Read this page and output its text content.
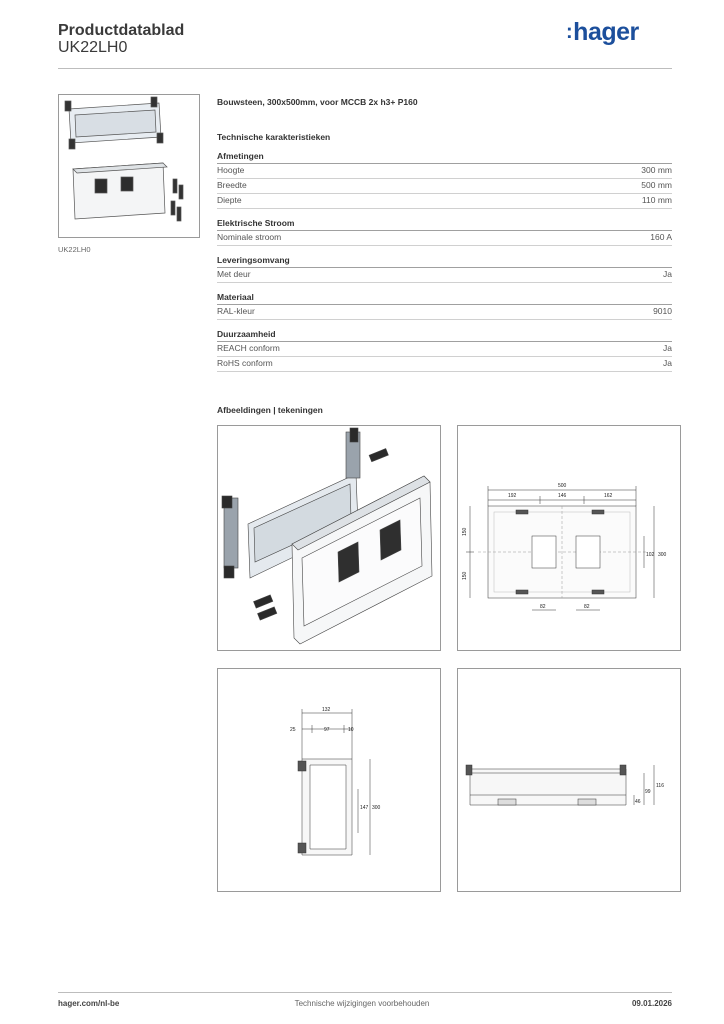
Productdatablad
UK22LH0
:hager
UK22LH0
Bouwsteen, 300x500mm, voor MCCB 2x h3+ P160
Technische karakteristieken
Afmetingen
Hoogte	300 mm
Breedte	500 mm
Diepte	110 mm
Elektrische Stroom
Nominale stroom	160 A
Leveringsomvang
Met deur	Ja
Materiaal
RAL-kleur	9010
Duurzaamheid
REACH conform	Ja
RoHS conform	Ja
Afbeeldingen | tekeningen
500
192	146	162
150
150
102 300
82	82
132
25	97	10
147 300
46
99
116
hager.com/nl-be	Technische wijzigingen voorbehouden	09.01.2026
